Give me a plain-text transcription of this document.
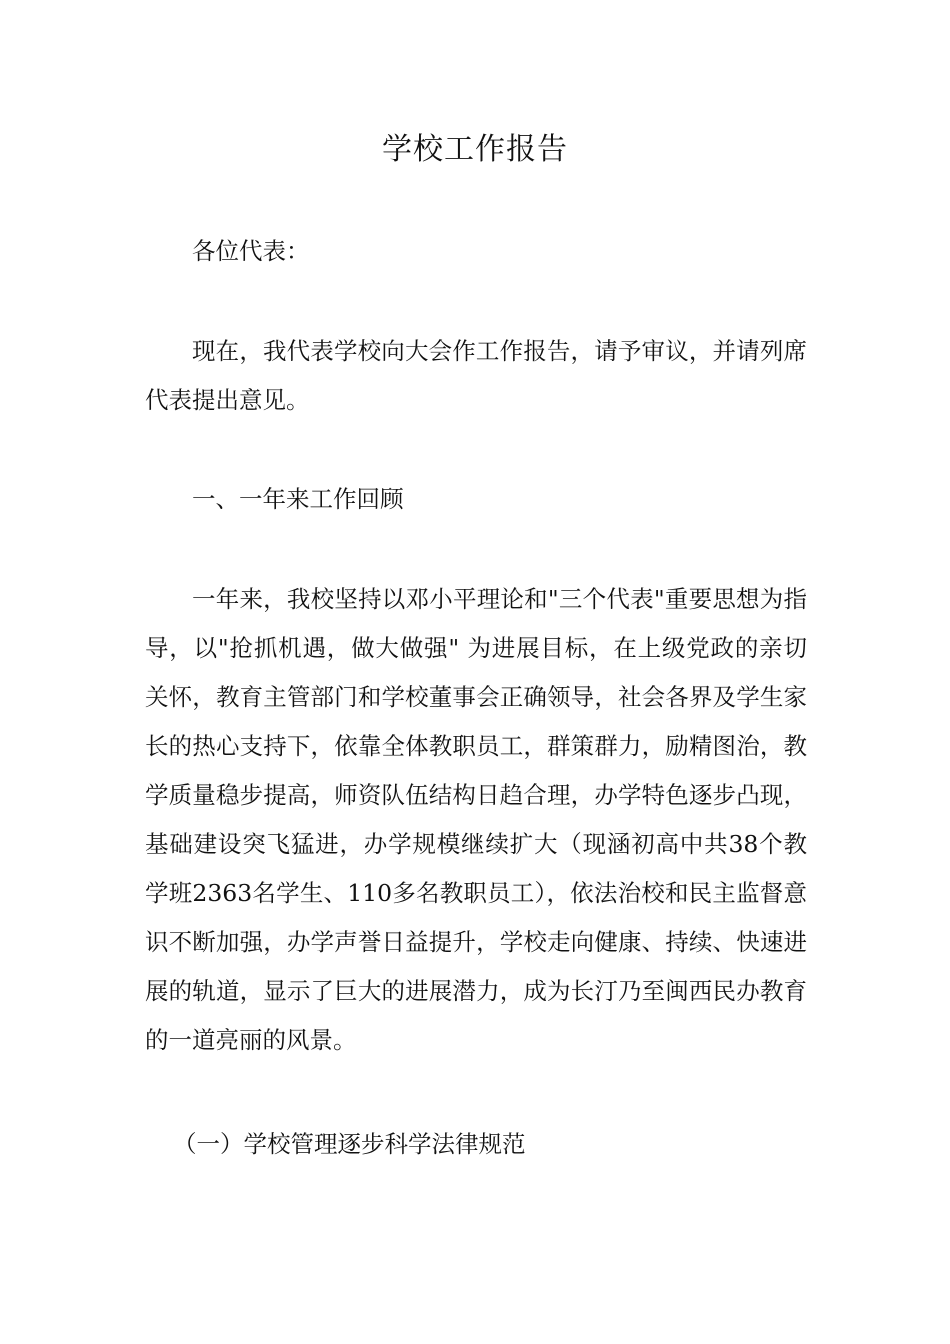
学校工作报告

各位代表：

现在，我代表学校向大会作工作报告，请予审议，并请列席代表提出意见。

一、一年来工作回顾

一年来，我校坚持以邓小平理论和"三个代表"重要思想为指导，以"抢抓机遇，做大做强" 为进展目标，在上级党政的亲切关怀，教育主管部门和学校董事会正确领导，社会各界及学生家长的热心支持下，依靠全体教职员工，群策群力，励精图治，教学质量稳步提高，师资队伍结构日趋合理，办学特色逐步凸现，基础建设突飞猛进，办学规模继续扩大（现涵初高中共38个教学班2363名学生、110多名教职员工），依法治校和民主监督意识不断加强，办学声誉日益提升，学校走向健康、持续、快速进展的轨道，显示了巨大的进展潜力，成为长汀乃至闽西民办教育的一道亮丽的风景。

（一）学校管理逐步科学法律规范
